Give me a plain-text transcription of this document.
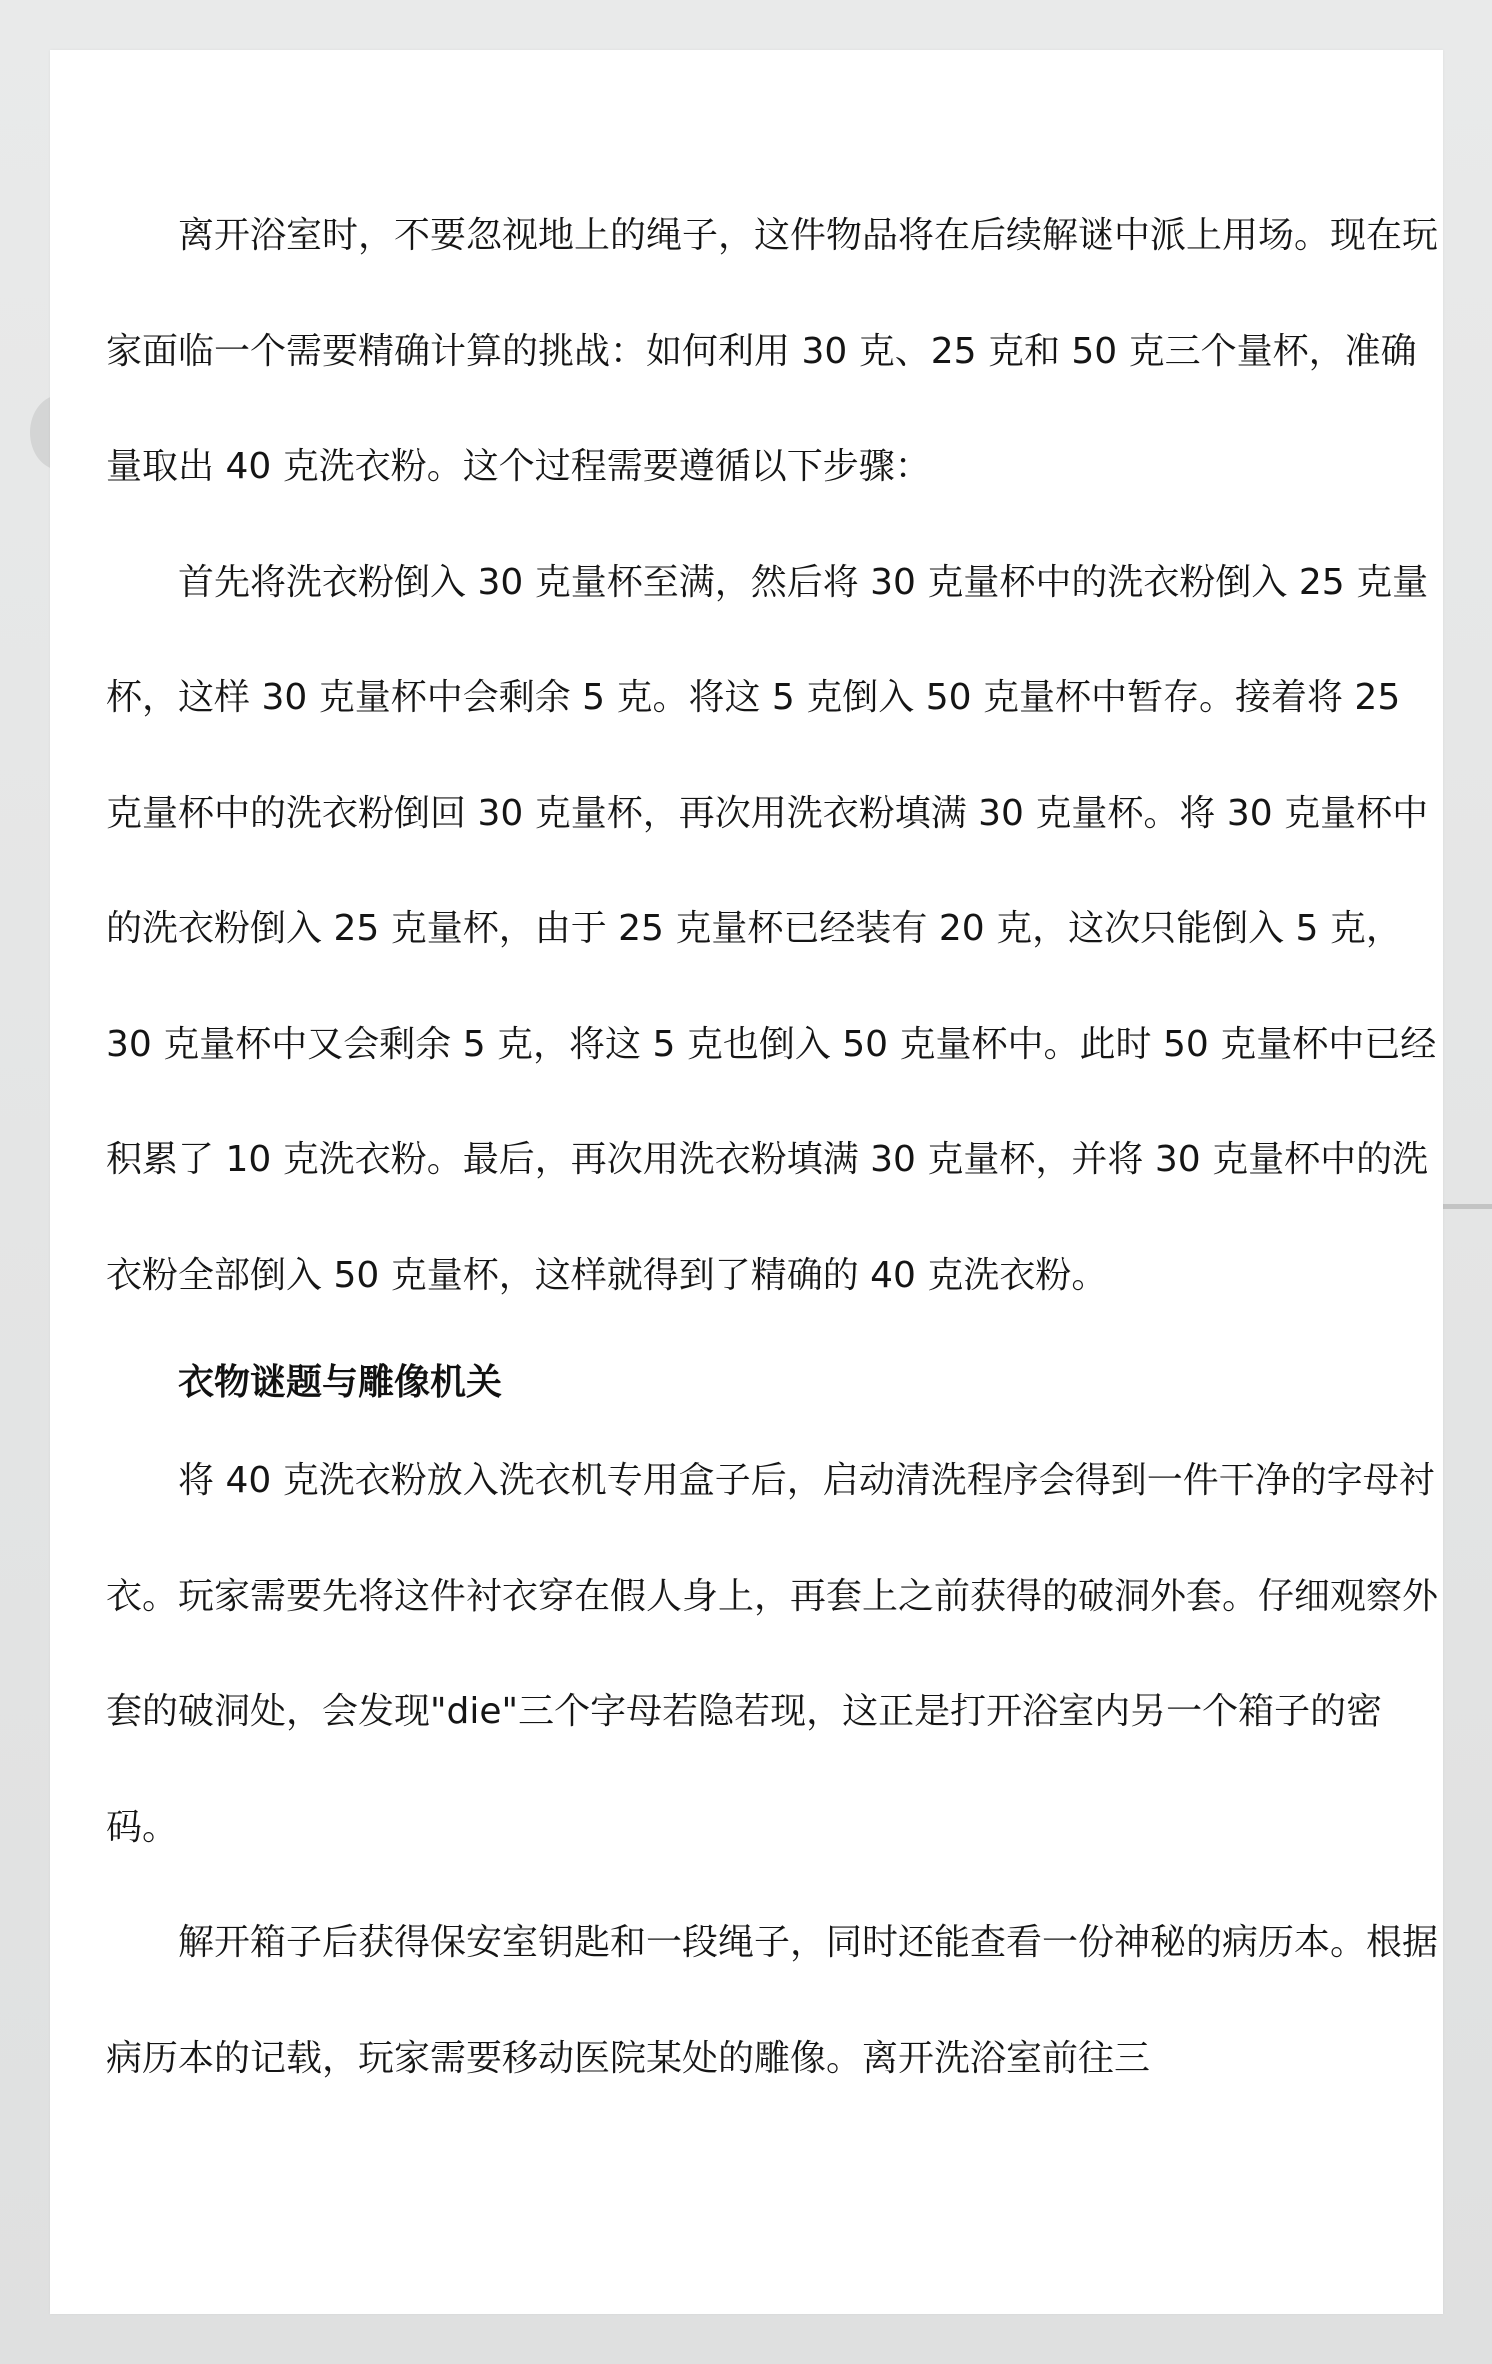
离开浴室时，不要忽视地上的绳子，这件物品将在后续解谜中派上用场。现在玩家面临一个需要精确计算的挑战：如何利用 30 克、25 克和 50 克三个量杯，准确量取出 40 克洗衣粉。这个过程需要遵循以下步骤：

首先将洗衣粉倒入 30 克量杯至满，然后将 30 克量杯中的洗衣粉倒入 25 克量杯，这样 30 克量杯中会剩余 5 克。将这 5 克倒入 50 克量杯中暂存。接着将 25 克量杯中的洗衣粉倒回 30 克量杯，再次用洗衣粉填满 30 克量杯。将 30 克量杯中的洗衣粉倒入 25 克量杯，由于 25 克量杯已经装有 20 克，这次只能倒入 5 克，30 克量杯中又会剩余 5 克，将这 5 克也倒入 50 克量杯中。此时 50 克量杯中已经积累了 10 克洗衣粉。最后，再次用洗衣粉填满 30 克量杯，并将 30 克量杯中的洗衣粉全部倒入 50 克量杯，这样就得到了精确的 40 克洗衣粉。

衣物谜题与雕像机关

将 40 克洗衣粉放入洗衣机专用盒子后，启动清洗程序会得到一件干净的字母衬衣。玩家需要先将这件衬衣穿在假人身上，再套上之前获得的破洞外套。仔细观察外套的破洞处，会发现"die"三个字母若隐若现，这正是打开浴室内另一个箱子的密码。

解开箱子后获得保安室钥匙和一段绳子，同时还能查看一份神秘的病历本。根据病历本的记载，玩家需要移动医院某处的雕像。离开洗浴室前往三
